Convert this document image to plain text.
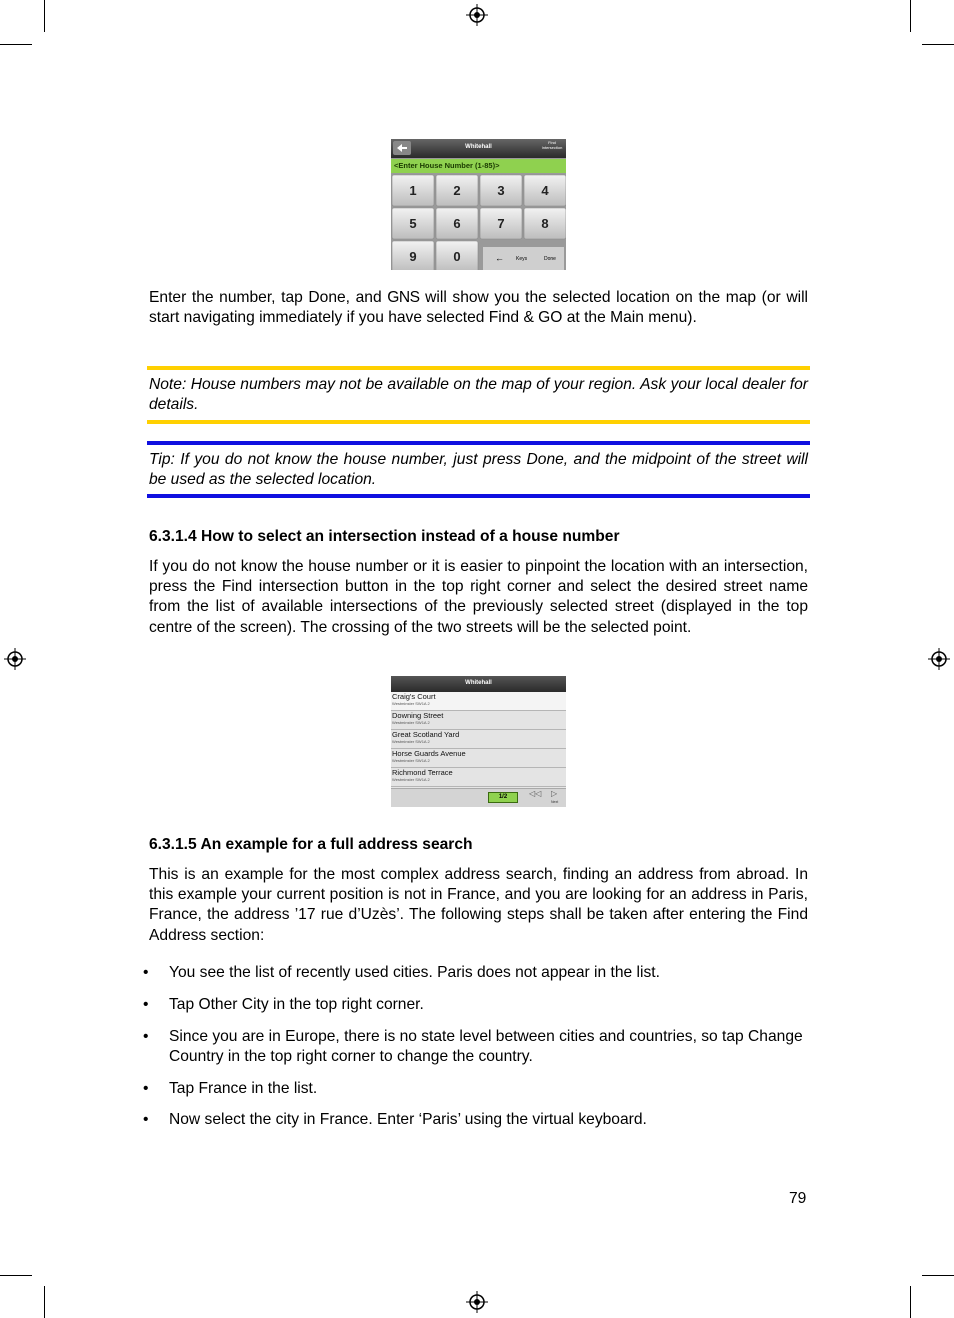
Whitehall
Find Intersection
<Enter House Number (1-85)>
1	2	3	4
5	6	7	8
9	0	← Keys	Done

Enter the number, tap Done, and GNS will show you the selected location on the map (or will start navigating immediately if you have selected Find & GO at the Main menu).

Note: House numbers may not be available on the map of your region. Ask your local dealer for details.

Tip: If you do not know the house number, just press Done, and the midpoint of the street will be used as the selected location.

6.3.1.4 How to select an intersection instead of a house number

If you do not know the house number or it is easier to pinpoint the location with an intersection, press the Find intersection button in the top right corner and select the desired street name from the list of available intersections of the previously selected street (displayed in the top centre of the screen). The crossing of the two streets will be the selected point.

Whitehall
Craig's Court
Westminster SW1A 2
Downing Street
Westminster SW1A 2
Great Scotland Yard
Westminster SW1A 2
Horse Guards Avenue
Westminster SW1A 2
Richmond Terrace
Westminster SW1A 2
1/2	◁◁ ▷
Next
6.3.1.5 An example for a full address search

This is an example for the most complex address search, finding an address from abroad. In this example your current position is not in France, and you are looking for an address in Paris, France, the address ’17 rue d’Uzès’. The following steps shall be taken after entering the Find Address section:

• You see the list of recently used cities. Paris does not appear in the list.

• Tap Other City in the top right corner.

• Since you are in Europe, there is no state level between cities and countries, so tap Change Country in the top right corner to change the country.

• Tap France in the list.

• Now select the city in France. Enter ‘Paris’ using the virtual keyboard.

79
